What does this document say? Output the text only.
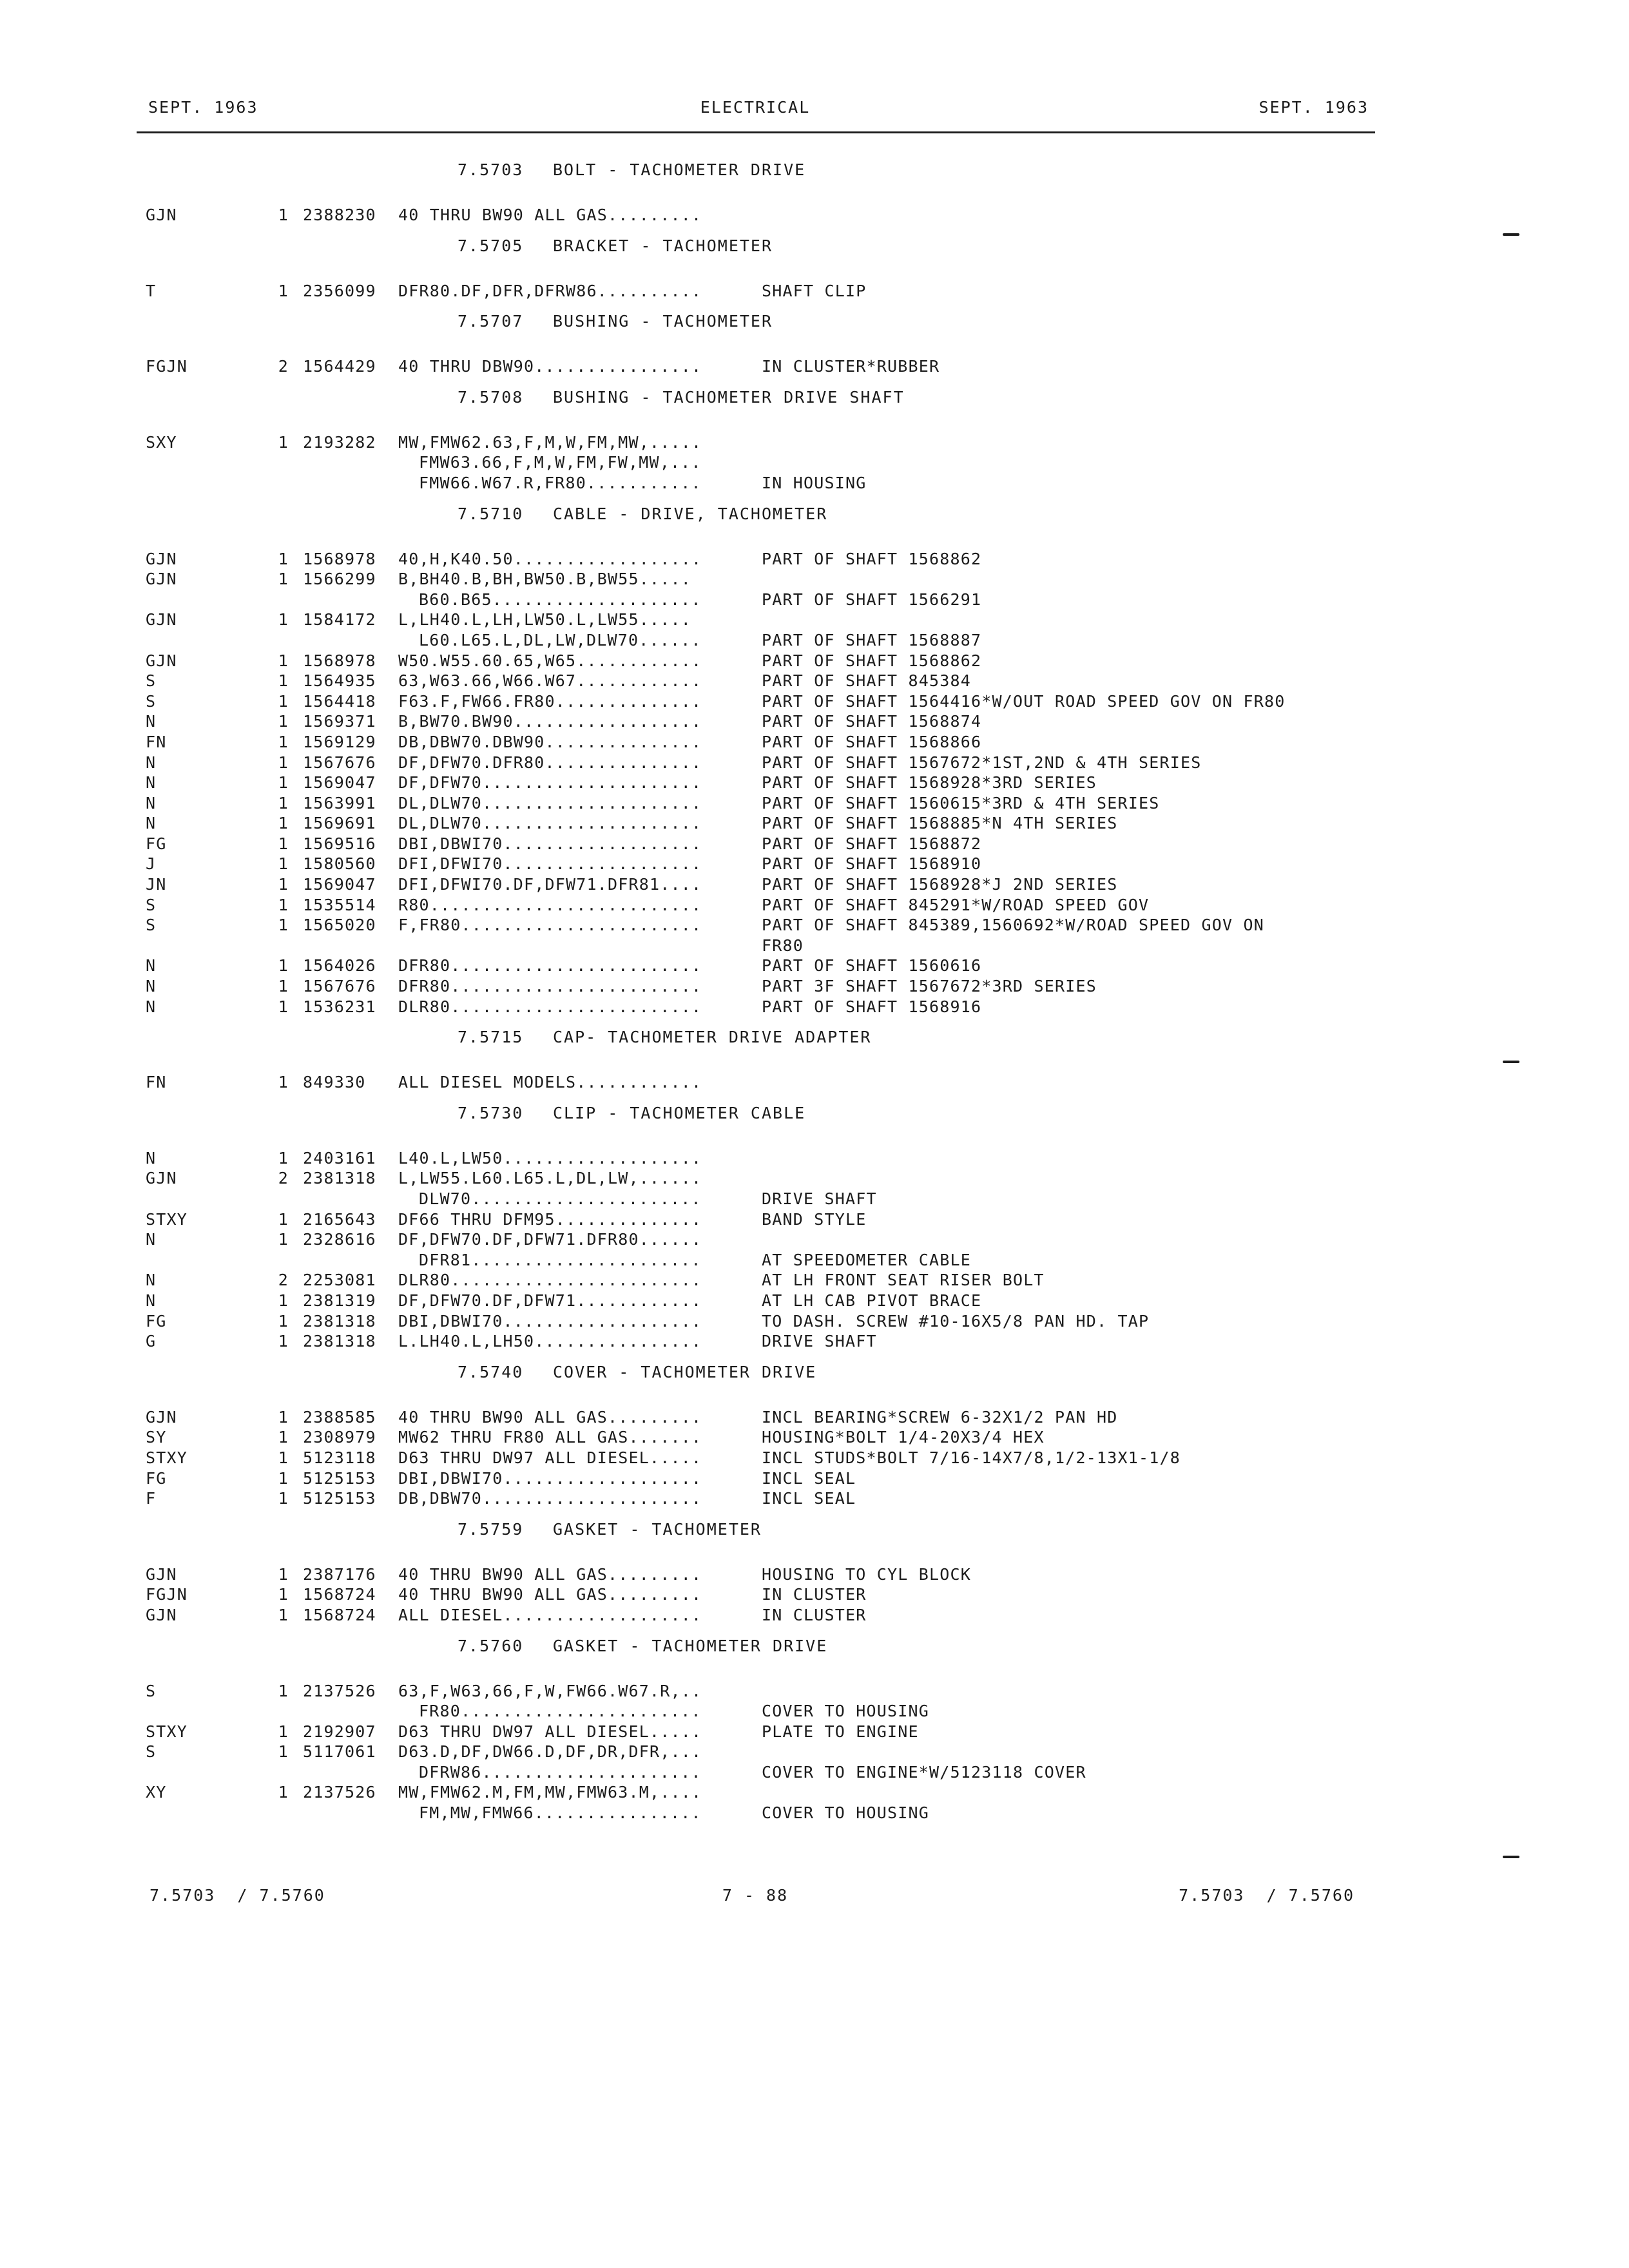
SEPT. 1963	ELECTRICAL	SEPT. 1963
7.5703 BOLT - TACHOMETER DRIVE
GJN	1 2388230 40 THRU BW90 ALL GAS.........
7.5705 BRACKET - TACHOMETER
T	1 2356099 DFR80.DF,DFR,DFRW86..........	SHAFT CLIP
7.5707 BUSHING - TACHOMETER
FGJN	2 1564429 40 THRU DBW90................	IN CLUSTER*RUBBER
7.5708 BUSHING - TACHOMETER DRIVE SHAFT
SXY	1 2193282 MW,FMW62.63,F,M,W,FM,MW,.....
FMW63.66,F,M,W,FM,FW,MW,...
FMW66.W67.R,FR80...........	IN HOUSING
7.5710 CABLE - DRIVE, TACHOMETER
GJN	1 1568978 40,H,K40.50..................	PART OF SHAFT 1568862
GJN	1 1566299 B,BH40.B,BH,BW50.B,BW55.....
B60.B65....................	PART OF SHAFT 1566291
GJN	1 1584172 L,LH40.L,LH,LW50.L,LW55.....
L60.L65.L,DL,LW,DLW70......	PART OF SHAFT 1568887
GJN	1 1568978 W50.W55.60.65,W65............	PART OF SHAFT 1568862
S	1 1564935 63,W63.66,W66.W67............	PART OF SHAFT 845384
S	1 1564418 F63.F,FW66.FR80..............	PART OF SHAFT 1564416*W/OUT ROAD SPEED GOV ON FR80
N	1 1569371 B,BW70.BW90..................	PART OF SHAFT 1568874
FN	1 1569129 DB,DBW70.DBW90...............	PART OF SHAFT 1568866
N	1 1567676 DF,DFW70.DFR80...............	PART OF SHAFT 1567672*1ST,2ND & 4TH SERIES
N	1 1569047 DF,DFW70.....................	PART OF SHAFT 1568928*3RD SERIES
N	1 1563991 DL,DLW70.....................	PART OF SHAFT 1560615*3RD & 4TH SERIES
N	1 1569691 DL,DLW70.....................	PART OF SHAFT 1568885*N 4TH SERIES
FG	1 1569516 DBI,DBWI70...................	PART OF SHAFT 1568872
J	1 1580560 DFI,DFWI70...................	PART OF SHAFT 1568910
JN	1 1569047 DFI,DFWI70.DF,DFW71.DFR81....	PART OF SHAFT 1568928*J 2ND SERIES
S	1 1535514 R80..........................	PART OF SHAFT 845291*W/ROAD SPEED GOV
S	1 1565020 F,FR80.......................	PART OF SHAFT 845389,1560692*W/ROAD SPEED GOV ON
FR80
N	1 1564026 DFR80........................	PART OF SHAFT 1560616
N	1 1567676 DFR80........................	PART 3F SHAFT 1567672*3RD SERIES
N	1 1536231 DLR80........................	PART OF SHAFT 1568916
7.5715 CAP- TACHOMETER DRIVE ADAPTER
FN	1 849330 ALL DIESEL MODELS............
7.5730 CLIP - TACHOMETER CABLE
N	1 2403161 L40.L,LW50...................
GJN	2 2381318 L,LW55.L60.L65.L,DL,LW,......
DLW70......................	DRIVE SHAFT
STXY	1 2165643 DF66 THRU DFM95..............	BAND STYLE
N	1 2328616 DF,DFW70.DF,DFW71.DFR80......
DFR81......................	AT SPEEDOMETER CABLE
N	2 2253081 DLR80........................	AT LH FRONT SEAT RISER BOLT
N	1 2381319 DF,DFW70.DF,DFW71............	AT LH CAB PIVOT BRACE
FG	1 2381318 DBI,DBWI70...................	TO DASH. SCREW #10-16X5/8 PAN HD. TAP
G	1 2381318 L.LH40.L,LH50................	DRIVE SHAFT
7.5740 COVER - TACHOMETER DRIVE
GJN	1 2388585 40 THRU BW90 ALL GAS.........	INCL BEARING*SCREW 6-32X1/2 PAN HD
SY	1 2308979 MW62 THRU FR80 ALL GAS.......	HOUSING*BOLT 1/4-20X3/4 HEX
STXY	1 5123118 D63 THRU DW97 ALL DIESEL.....	INCL STUDS*BOLT 7/16-14X7/8,1/2-13X1-1/8
FG	1 5125153 DBI,DBWI70...................	INCL SEAL
F	1 5125153 DB,DBW70.....................	INCL SEAL
7.5759 GASKET - TACHOMETER
GJN	1 2387176 40 THRU BW90 ALL GAS.........	HOUSING TO CYL BLOCK
FGJN	1 1568724 40 THRU BW90 ALL GAS.........	IN CLUSTER
GJN	1 1568724 ALL DIESEL...................	IN CLUSTER
7.5760 GASKET - TACHOMETER DRIVE
S	1 2137526 63,F,W63,66,F,W,FW66.W67.R,..
FR80.......................	COVER TO HOUSING
STXY	1 2192907 D63 THRU DW97 ALL DIESEL.....	PLATE TO ENGINE
S	1 5117061 D63.D,DF,DW66.D,DF,DR,DFR,...
DFRW86.....................	COVER TO ENGINE*W/5123118 COVER
XY	1 2137526 MW,FMW62.M,FM,MW,FMW63.M,....
FM,MW,FMW66................	COVER TO HOUSING
7.5703  / 7.5760	7 - 88	7.5703  / 7.5760
